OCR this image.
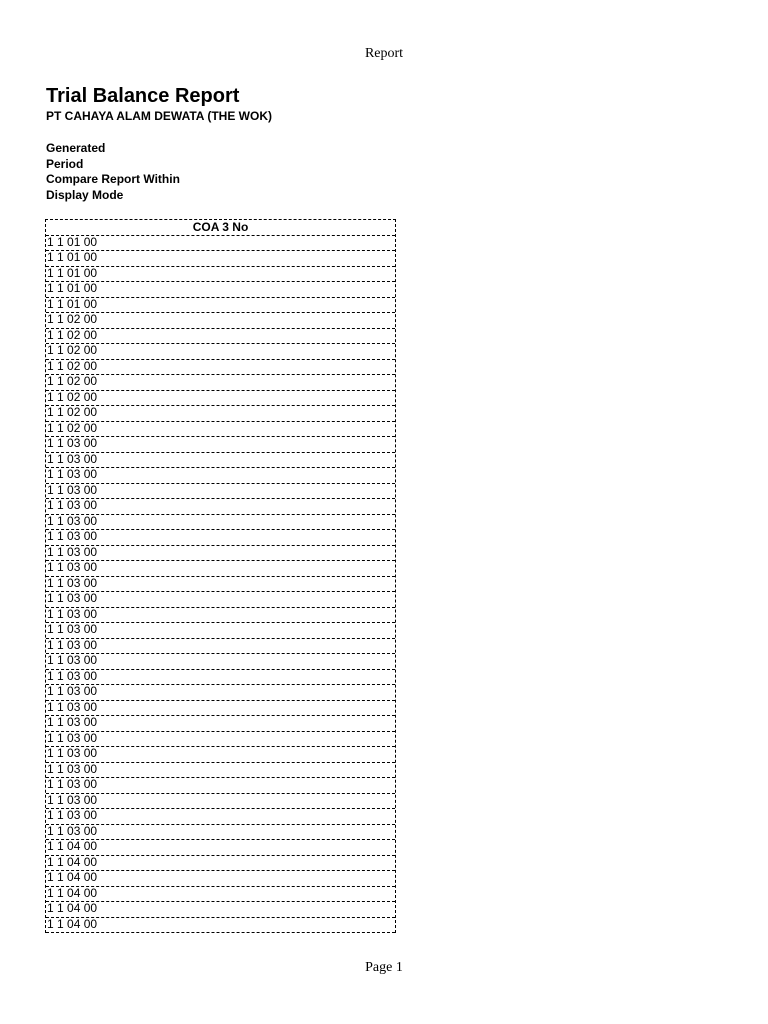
Report
Trial Balance Report
PT CAHAYA ALAM DEWATA (THE WOK)
Generated
Period
Compare Report Within
Display Mode
COA 3 No
1 1 01 00
1 1 01 00
1 1 01 00
1 1 01 00
1 1 01 00
1 1 02 00
1 1 02 00
1 1 02 00
1 1 02 00
1 1 02 00
1 1 02 00
1 1 02 00
1 1 02 00
1 1 03 00
1 1 03 00
1 1 03 00
1 1 03 00
1 1 03 00
1 1 03 00
1 1 03 00
1 1 03 00
1 1 03 00
1 1 03 00
1 1 03 00
1 1 03 00
1 1 03 00
1 1 03 00
1 1 03 00
1 1 03 00
1 1 03 00
1 1 03 00
1 1 03 00
1 1 03 00
1 1 03 00
1 1 03 00
1 1 03 00
1 1 03 00
1 1 03 00
1 1 03 00
1 1 04 00
1 1 04 00
1 1 04 00
1 1 04 00
1 1 04 00
1 1 04 00
Page 1
